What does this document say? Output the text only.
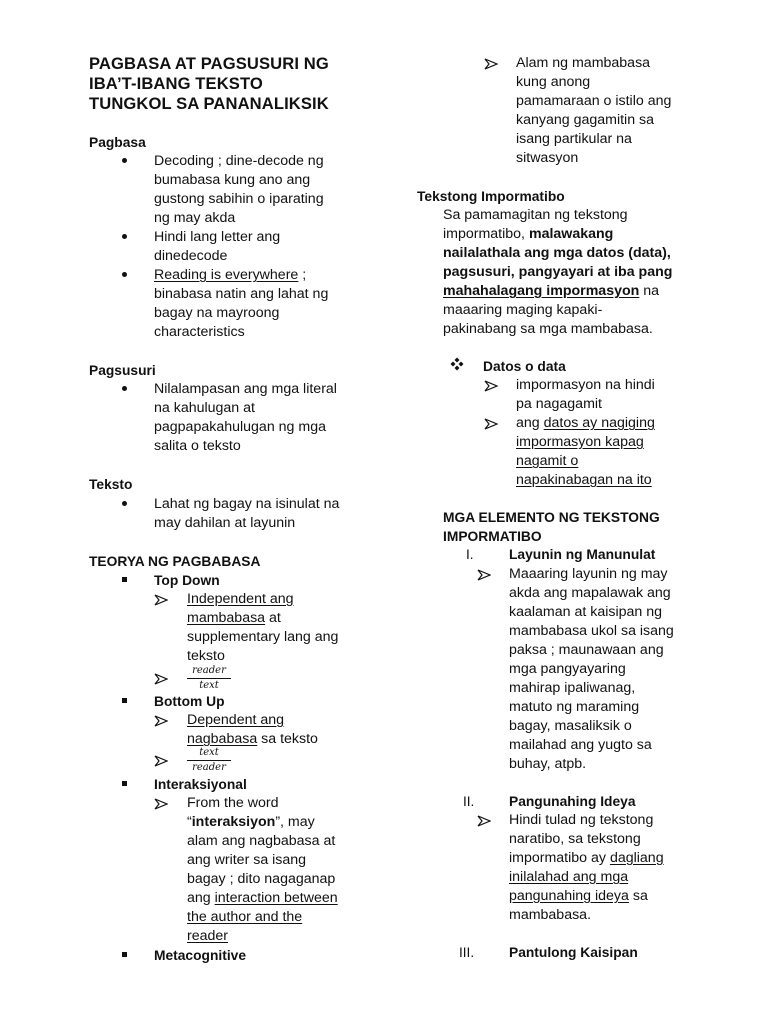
PAGBASA AT PAGSUSURI NG
IBA’T-IBANG TEKSTO
TUNGKOL SA PANANALIKSIK
Pagbasa
Decoding ; dine-decode ng
bumabasa kung ano ang
gustong sabihin o iparating
ng may akda
Hindi lang letter ang
dinedecode
Reading is everywhere ;
binabasa natin ang lahat ng
bagay na mayroong
characteristics
Pagsusuri
Nilalampasan ang mga literal
na kahulugan at
pagpapakahulugan ng mga
salita o teksto
Teksto
Lahat ng bagay na isinulat na
may dahilan at layunin
TEORYA NG PAGBABASA
Top Down
Independent ang
mambabasa at
supplementary lang ang
teksto
reader
text
Bottom Up
Dependent ang
nagbabasa sa teksto
text
reader
Interaksiyonal
From the word
“interaksiyon”, may
alam ang nagbabasa at
ang writer sa isang
bagay ; dito nagaganap
ang interaction between
the author and the
reader
Metacognitive
Alam ng mambabasa
kung anong
pamamaraan o istilo ang
kanyang gagamitin sa
isang partikular na
sitwasyon
Tekstong Impormatibo
Sa pamamagitan ng tekstong
impormatibo, malawakang
nailalathala ang mga datos (data),
pagsusuri, pangyayari at iba pang
mahahalagang impormasyon na
maaaring maging kapaki-
pakinabang sa mga mambabasa.
Datos o data
impormasyon na hindi
pa nagagamit
ang datos ay nagiging
impormasyon kapag
nagamit o
napakinabagan na ito
MGA ELEMENTO NG TEKSTONG
IMPORMATIBO
I.	Layunin ng Manunulat
Maaaring layunin ng may
akda ang mapalawak ang
kaalaman at kaisipan ng
mambabasa ukol sa isang
paksa ; maunawaan ang
mga pangyayaring
mahirap ipaliwanag,
matuto ng maraming
bagay, masaliksik o
mailahad ang yugto sa
buhay, atpb.
II.	Pangunahing Ideya
Hindi tulad ng tekstong
naratibo, sa tekstong
impormatibo ay dagliang
inilalahad ang mga
pangunahing ideya sa
mambabasa.
III.	Pantulong Kaisipan
